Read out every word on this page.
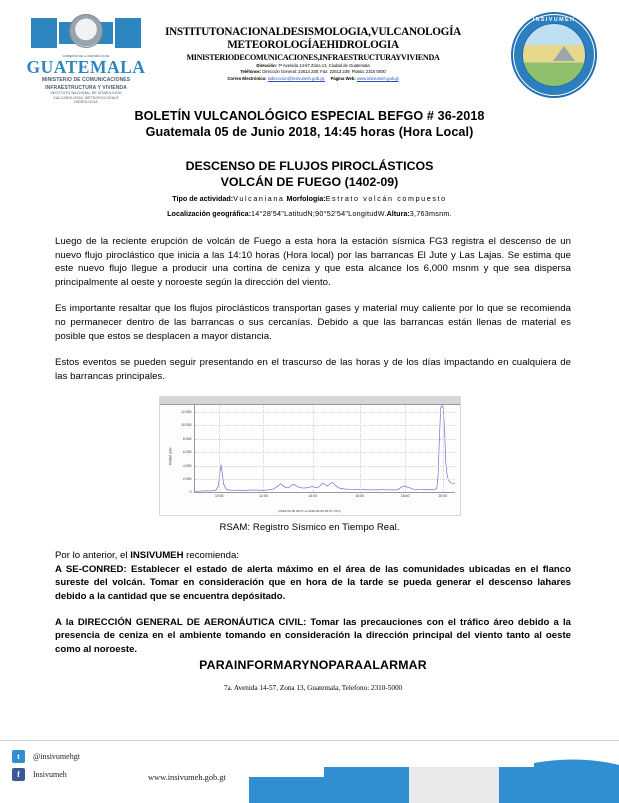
GOBIERNO DE LA REPÚBLICA DE
GUATEMALA
MINISTERIO DE COMUNICACIONES
INFRAESTRUCTURA Y VIVIENDA
INSTITUTO NACIONAL DE SISMOLOGIA
VULCANOLOGIA, METEOROLOGIA E
HIDROLOGIA
INSTITUTONACIONALDESISMOLOGIA,VULCANOLOGÍA
METEOROLOGÍAEHIDROLOGIA
MINISTERIODECOMUNICACIONES,INFRAESTRUCTURAYVIVIENDA
Dirección: 7ª Avenida 14-57 Zona 13, Ciudad de Guatemala
Teléfonos: Dirección General: 22613 238; Fax: 22613 239; Planta: 2310 5000
Correo Electrónico: indireccion@insivumeh.gob.gt; Página Web: www.insivumeh.gob.gt
INSIVUMEH
BOLETÍN VULCANOLÓGICO ESPECIAL BEFGO # 36-2018
Guatemala 05 de Junio 2018, 14:45 horas (Hora Local)
DESCENSO DE FLUJOS PIROCLÁSTICOS
VOLCÁN DE FUEGO (1402-09)
Tipo de actividad:Vulcaniana Morfología:Estrato volcán compuesto
Localización geográfica:14°28'54"LatitudN;90°52'54"LongitudW.Altura:3,763msnm.

Luego de la reciente erupción de volcán de Fuego a esta hora la estación sísmica FG3 registra el descenso de un nuevo flujo piroclástico que inicia a las 14:10 horas (Hora local) por las barrancas El Jute y Las Lajas. Se estima que este nuevo flujo llegue a producir una cortina de ceniza y que esta alcance los 6,000 msnm y que sea dispersa principalmente al oeste y noroeste según la dirección del viento.

Es importante resaltar que los flujos piroclásticos transportan gases y material muy caliente por lo que se recomienda no permanecer dentro de las barrancas o sus cercanías. Debido a que las barrancas están llenas de material es posible que estos se desplacen a mayor distancia.

Estos eventos se pueden seguir presentando en el trascurso de las horas y de los días impactando en cualquiera de las barrancas principales.

RSAM units
0
2,000
4,000
6,000
8,000
10,000
12,000
10:00	12:00	14:00	16:00	18:00	20:00
(2018-06-05 09:37 to 2018-06-05 20:37 UTC)
RSAM: Registro Sísmico en Tiempo Real.

Por lo anterior, el INSIVUMEH recomienda:

A SE-CONRED: Establecer el estado de alerta máximo en el área de las comunidades ubicadas en el flanco sureste del volcán. Tomar en consideración que en hora de la tarde se pueda generar el descenso lahares debido a la cantidad que se encuentra depósitado.

A la DIRECCIÓN GENERAL DE AERONÁUTICA CIVIL: Tomar las precauciones con el tráfico áreo debido a la presencia de ceniza en el ambiente tomando en consideración la dirección principal del viento tanto al oeste como al noroeste.

PARAINFORMARYNOPARAALARMAR
7a. Avenida 14-57, Zona 13, Guatemala, Telefono: 2310-5000
t	@insivumehgt
f	Insivumeh	www.insivumeh.gob.gt
